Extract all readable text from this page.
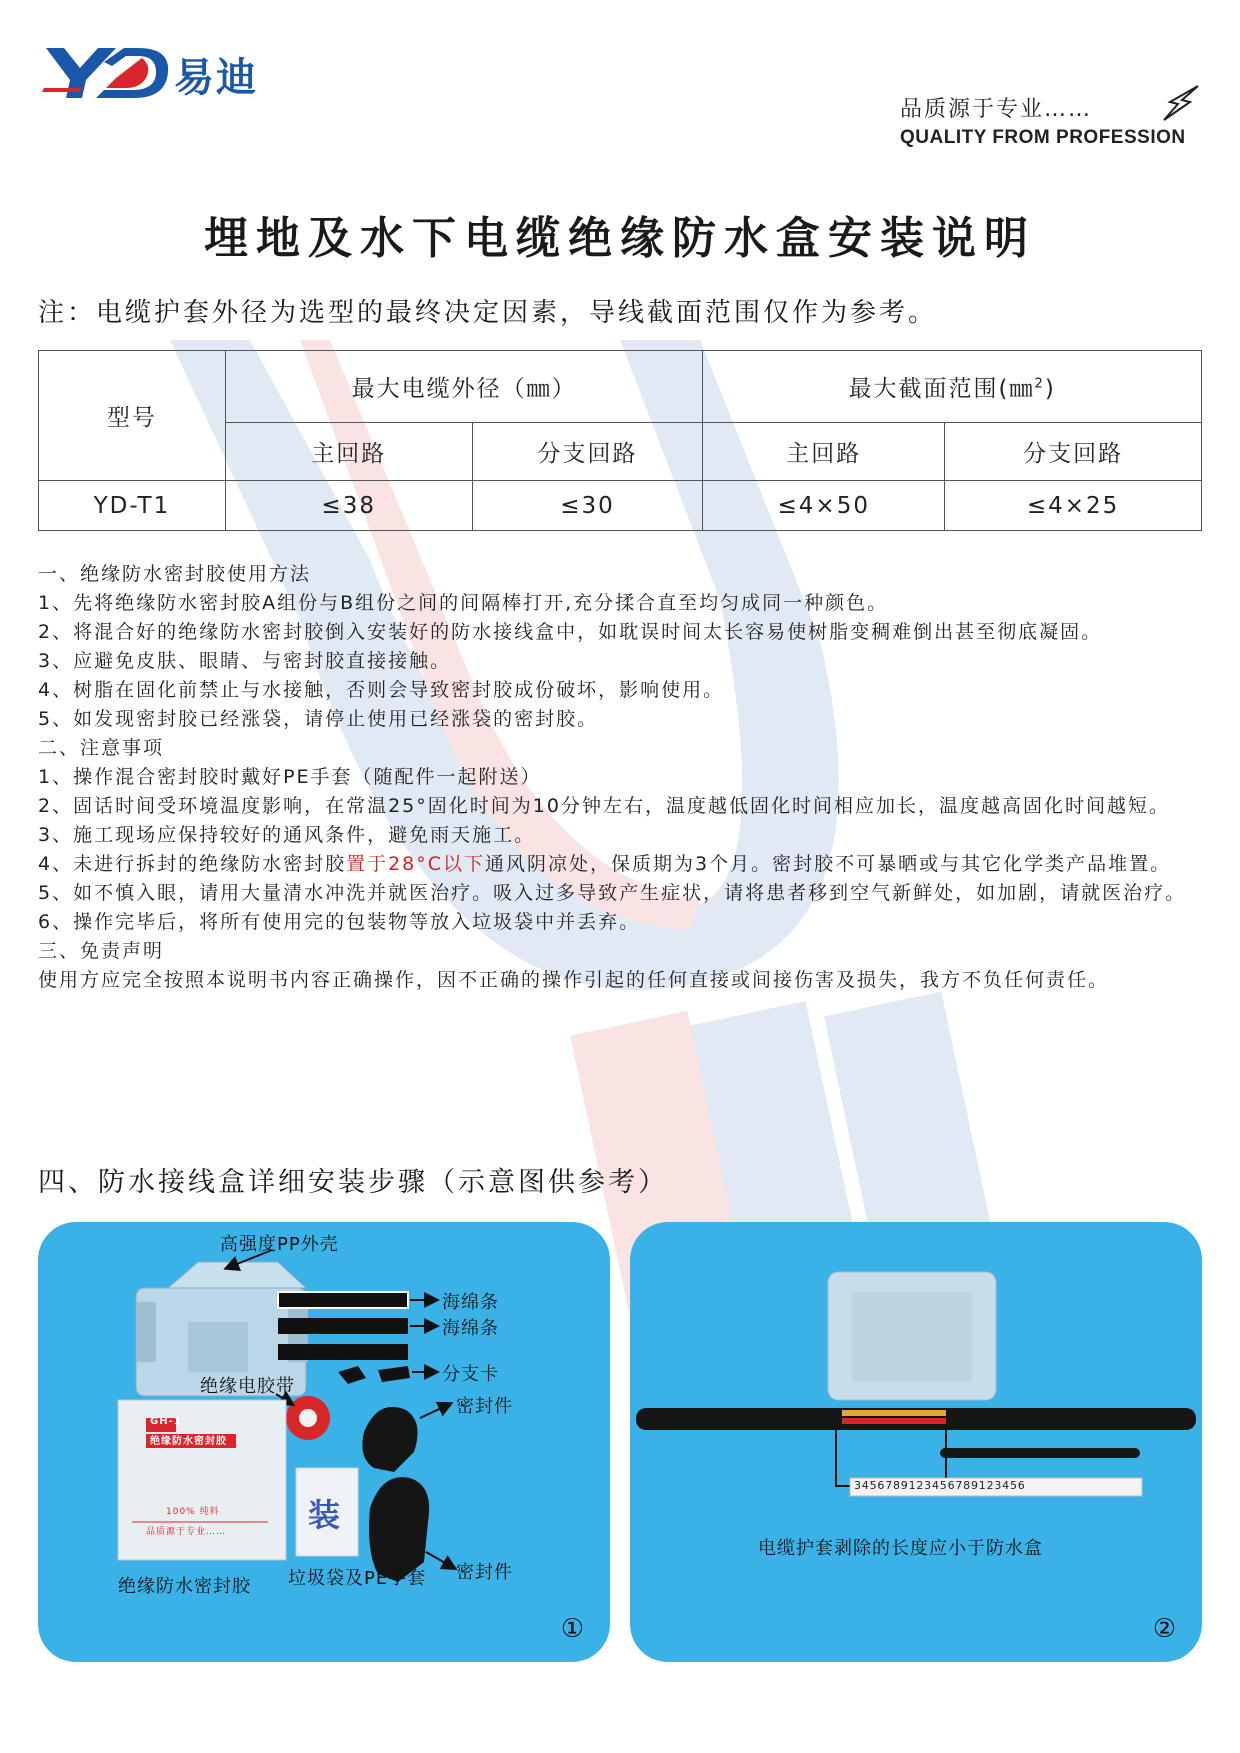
易迪
品质源于专业……
QUALITY FROM PROFESSION
埋地及水下电缆绝缘防水盒安装说明
注：电缆护套外径为选型的最终决定因素，导线截面范围仅作为参考。
型号	最大电缆外径（㎜）		最大截面范围(㎜$^2$)	
	主回路	分支回路	主回路	分支回路
YD-T1	≤38	≤30	≤4×50	≤4×25

一、绝缘防水密封胶使用方法

1、先将绝缘防水密封胶A组份与B组份之间的间隔棒打开,充分揉合直至均匀成同一种颜色。

2、将混合好的绝缘防水密封胶倒入安装好的防水接线盒中，如耽误时间太长容易使树脂变稠难倒出甚至彻底凝固。

3、应避免皮肤、眼睛、与密封胶直接接触。

4、树脂在固化前禁止与水接触，否则会导致密封胶成份破坏，影响使用。

5、如发现密封胶已经涨袋，请停止使用已经涨袋的密封胶。

二、注意事项

1、操作混合密封胶时戴好PE手套（随配件一起附送）

2、固话时间受环境温度影响，在常温25°固化时间为10分钟左右，温度越低固化时间相应加长，温度越高固化时间越短。

3、施工现场应保持较好的通风条件，避免雨天施工。

4、未进行拆封的绝缘防水密封胶置于28°C以下通风阴凉处，保质期为3个月。密封胶不可暴晒或与其它化学类产品堆置。

5、如不慎入眼，请用大量清水冲洗并就医治疗。吸入过多导致产生症状，请将患者移到空气新鲜处，如加剧，请就医治疗。

6、操作完毕后，将所有使用完的包装物等放入垃圾袋中并丢弃。

三、免责声明

使用方应完全按照本说明书内容正确操作，因不正确的操作引起的任何直接或间接伤害及损失，我方不负任何责任。

四、防水接线盒详细安装步骤（示意图供参考）
GH-1
绝缘防水密封胶
100% 纯料
品质源于专业……	装
高强度PP外壳
海绵条
海绵条
分支卡
绝缘电胶带
密封件
密封件
绝缘防水密封胶 垃圾袋及PE手套
①
3456789123456789123456
电缆护套剥除的长度应小于防水盒
②
